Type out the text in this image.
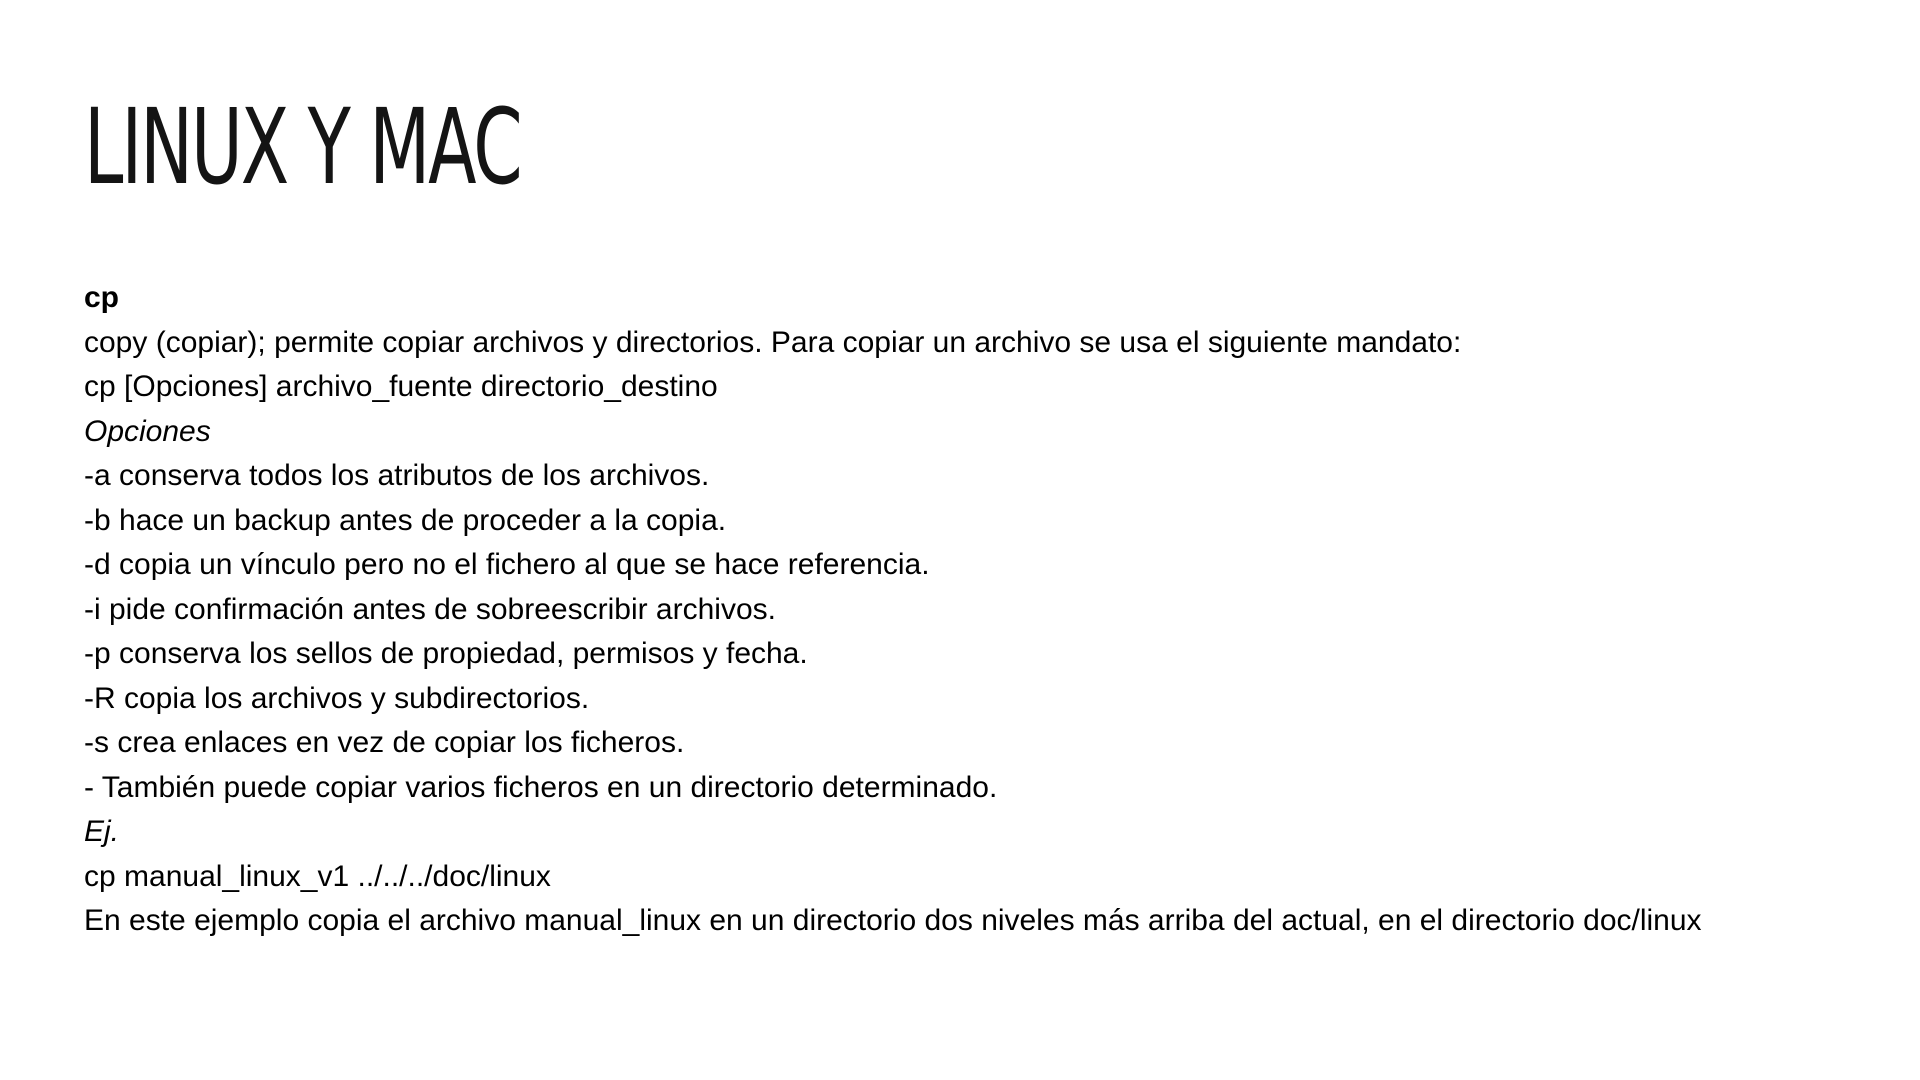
LINUX Y MAC
cp
copy (copiar); permite copiar archivos y directorios. Para copiar un archivo se usa el siguiente mandato:
cp [Opciones] archivo_fuente directorio_destino
Opciones
-a conserva todos los atributos de los archivos.
-b hace un backup antes de proceder a la copia.
-d copia un vínculo pero no el fichero al que se hace referencia.
-i pide confirmación antes de sobreescribir archivos.
-p conserva los sellos de propiedad, permisos y fecha.
-R copia los archivos y subdirectorios.
-s crea enlaces en vez de copiar los ficheros.
- También puede copiar varios ficheros en un directorio determinado.
Ej.
cp manual_linux_v1 ../../../doc/linux
En este ejemplo copia el archivo manual_linux en un directorio dos niveles más arriba del actual, en el directorio doc/linux
